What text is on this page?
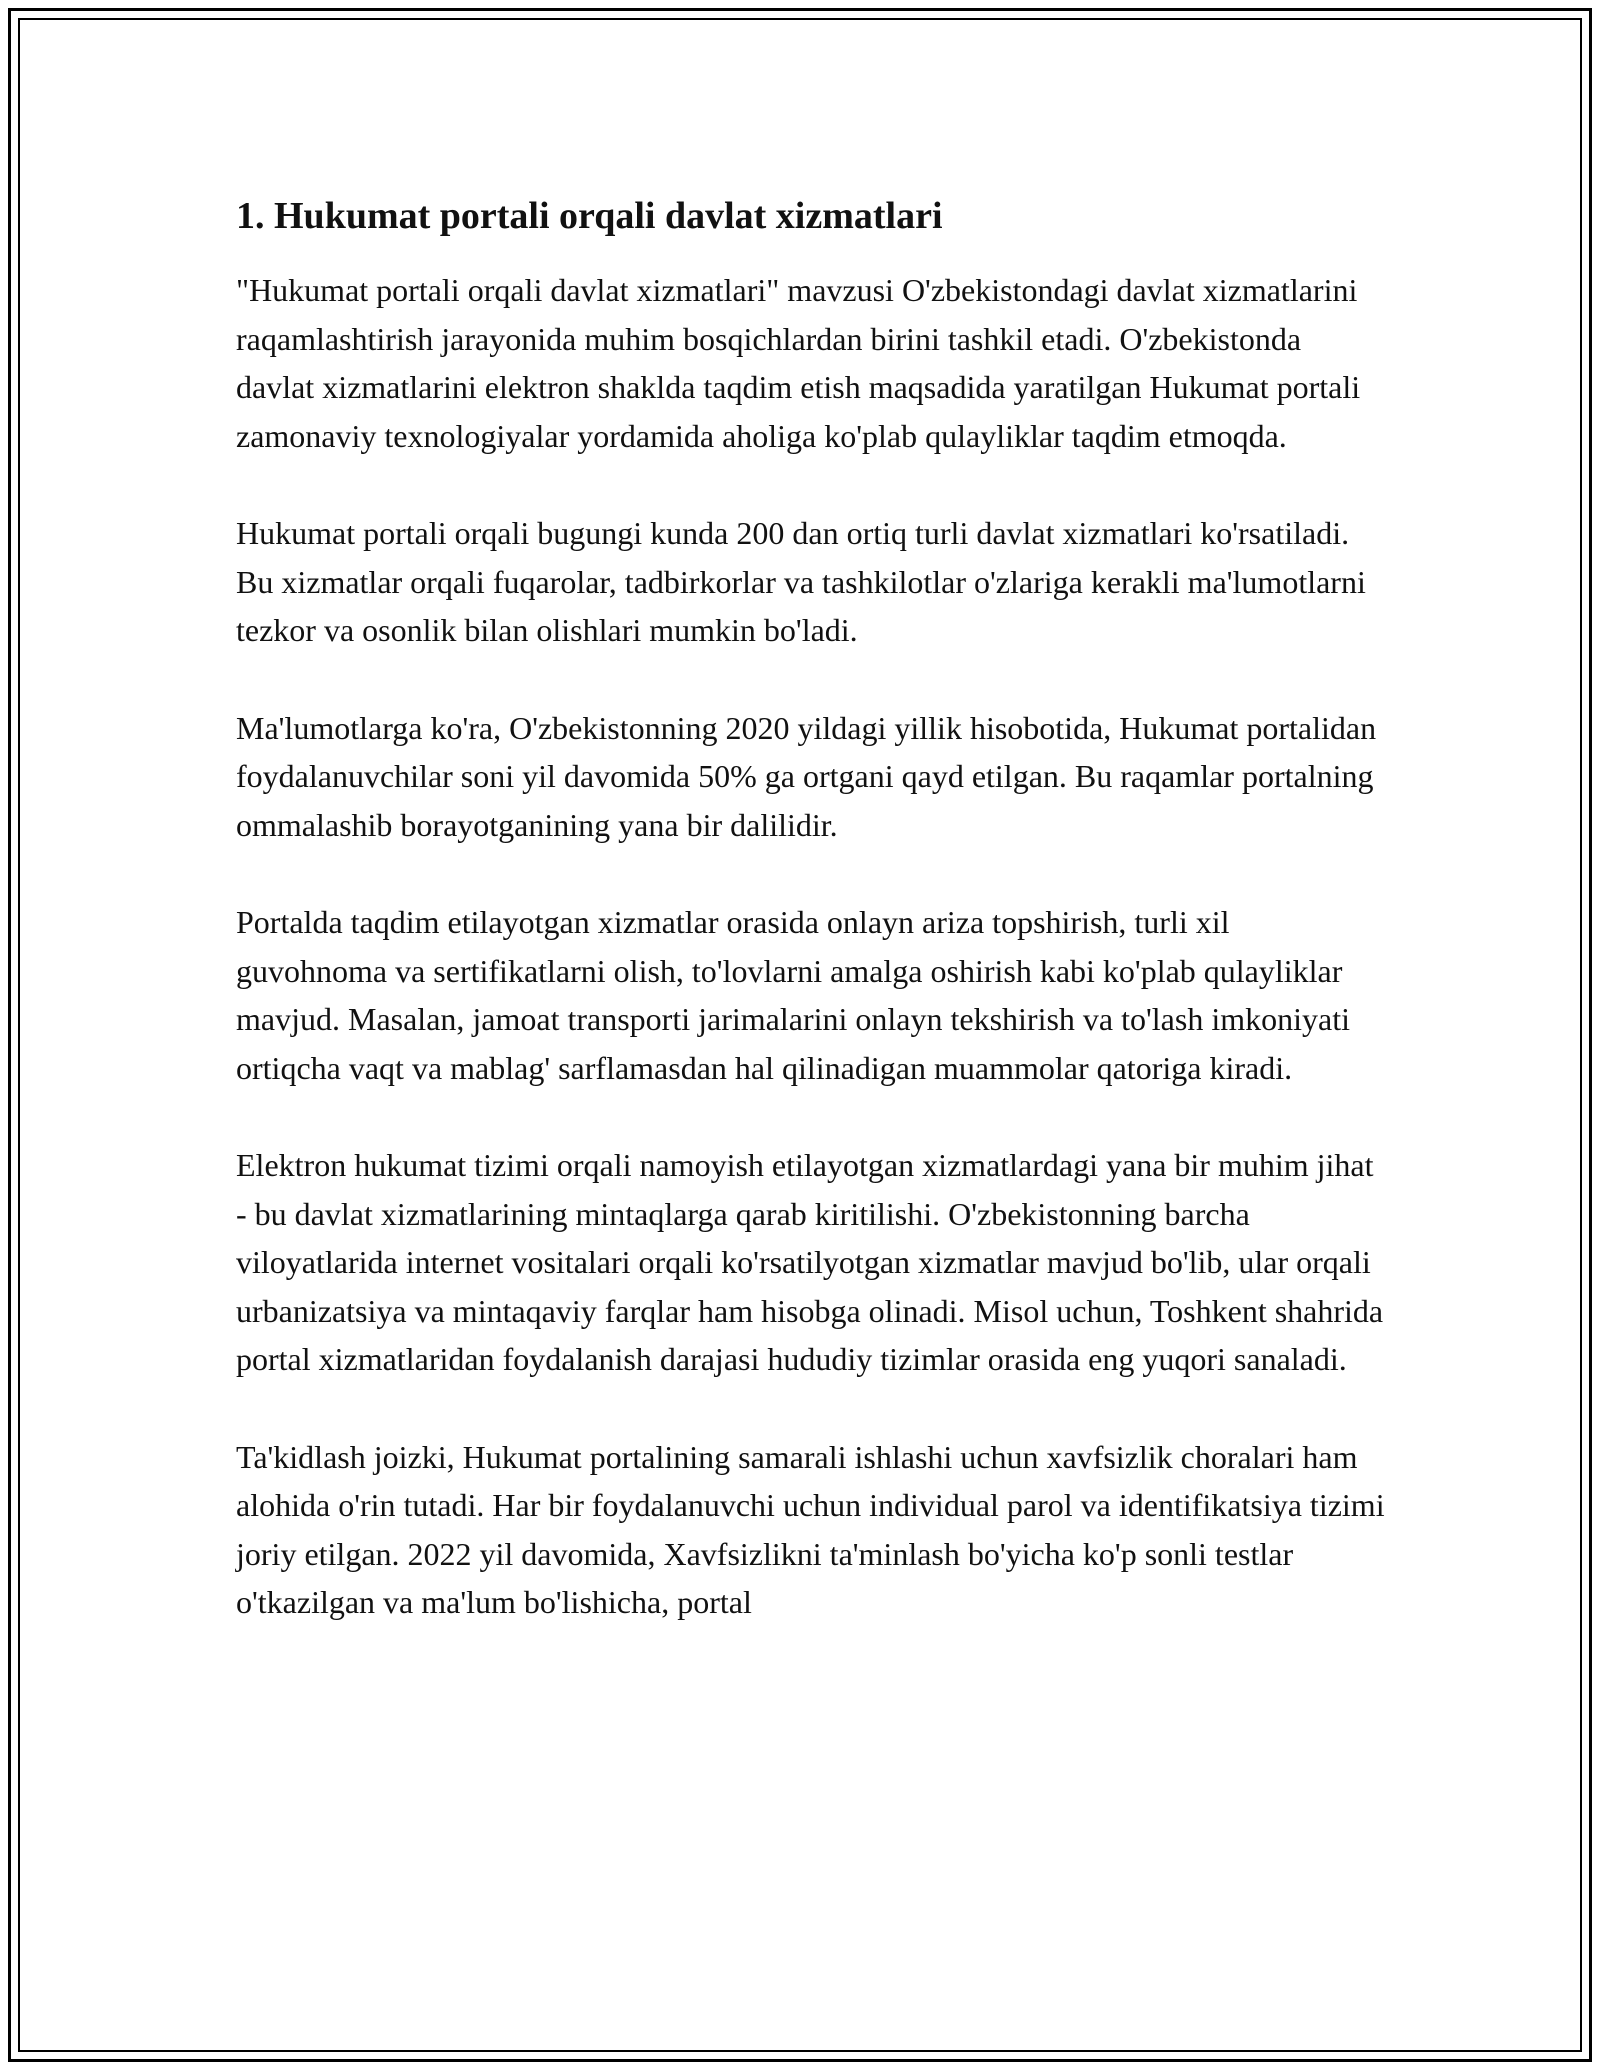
1. Hukumat portali orqali davlat xizmatlari

"Hukumat portali orqali davlat xizmatlari" mavzusi O'zbekistondagi davlat xizmatlarini raqamlashtirish jarayonida muhim bosqichlardan birini tashkil etadi. O'zbekistonda davlat xizmatlarini elektron shaklda taqdim etish maqsadida yaratilgan Hukumat portali zamonaviy texnologiyalar yordamida aholiga ko'plab qulayliklar taqdim etmoqda.

Hukumat portali orqali bugungi kunda 200 dan ortiq turli davlat xizmatlari ko'rsatiladi. Bu xizmatlar orqali fuqarolar, tadbirkorlar va tashkilotlar o'zlariga kerakli ma'lumotlarni tezkor va osonlik bilan olishlari mumkin bo'ladi.

Ma'lumotlarga ko'ra, O'zbekistonning 2020 yildagi yillik hisobotida, Hukumat portalidan foydalanuvchilar soni yil davomida 50% ga ortgani qayd etilgan. Bu raqamlar portalning ommalashib borayotganining yana bir dalilidir.

Portalda taqdim etilayotgan xizmatlar orasida onlayn ariza topshirish, turli xil guvohnoma va sertifikatlarni olish, to'lovlarni amalga oshirish kabi ko'plab qulayliklar mavjud. Masalan, jamoat transporti jarimalarini onlayn tekshirish va to'lash imkoniyati ortiqcha vaqt va mablag' sarflamasdan hal qilinadigan muammolar qatoriga kiradi.

Elektron hukumat tizimi orqali namoyish etilayotgan xizmatlardagi yana bir muhim jihat - bu davlat xizmatlarining mintaqlarga qarab kiritilishi. O'zbekistonning barcha viloyatlarida internet vositalari orqali ko'rsatilyotgan xizmatlar mavjud bo'lib, ular orqali urbanizatsiya va mintaqaviy farqlar ham hisobga olinadi. Misol uchun, Toshkent shahrida portal xizmatlaridan foydalanish darajasi hududiy tizimlar orasida eng yuqori sanaladi.

Ta'kidlash joizki, Hukumat portalining samarali ishlashi uchun xavfsizlik choralari ham alohida o'rin tutadi. Har bir foydalanuvchi uchun individual parol va identifikatsiya tizimi joriy etilgan. 2022 yil davomida, Xavfsizlikni ta'minlash bo'yicha ko'p sonli testlar o'tkazilgan va ma'lum bo'lishicha, portal
